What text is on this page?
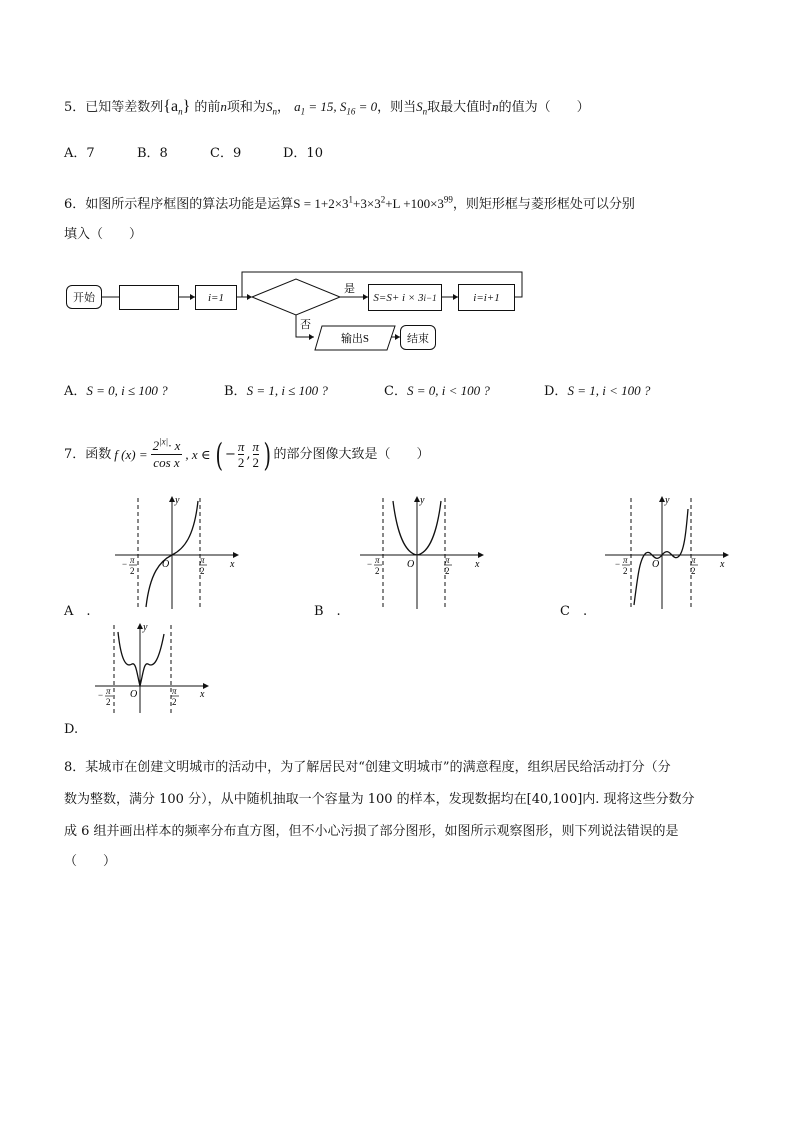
5．已知等差数列$\{a_n\}$ 的前n项和为$S_n$， $a_1 = 15$, $S_{16} = 0$，则当$S_n$取最大值时n的值为（　　）
A．7	B．8	C．9	D．10
6．如图所示程序框图的算法功能是运算$S = 1+2\times 3^1+3\times 3^2+L +100\times 3^{99}$，则矩形框与菱形框处可以分别
填入（　　）
是
否
开始	i=1	S=S+ i × 3 i−1	i=i+1
输出S	结束
A．S = 0, i ≤ 100 ?	B．S = 1, i ≤ 100 ?	C．S = 0, i < 100 ?	D．S = 1, i < 100 ?
7． 函数 f $(x) = \frac{2^{|x|}\cdot x}{\text{cos x}}$ , x ∈ ( − $\frac{\pi}{2}$ , π
2 ) 的部分图像大致是（　　）
y
x
O
− π
2
π
2
A　.
y
x
O
− π
2
π
2
B　.
y
x
O
− π
2
π
2
C　.
y
x
O
− π
2
π
2
D.
8．某城市在创建文明城市的活动中，为了解居民对“创建文明城市”的满意程度，组织居民给活动打分（分
数为整数，满分 100 分），从中随机抽取一个容量为 100 的样本，发现数据均在[40,100]内. 现将这些分数分
成 6 组并画出样本的频率分布直方图，但不小心污损了部分图形，如图所示观察图形，则下列说法错误的是
（　　）
